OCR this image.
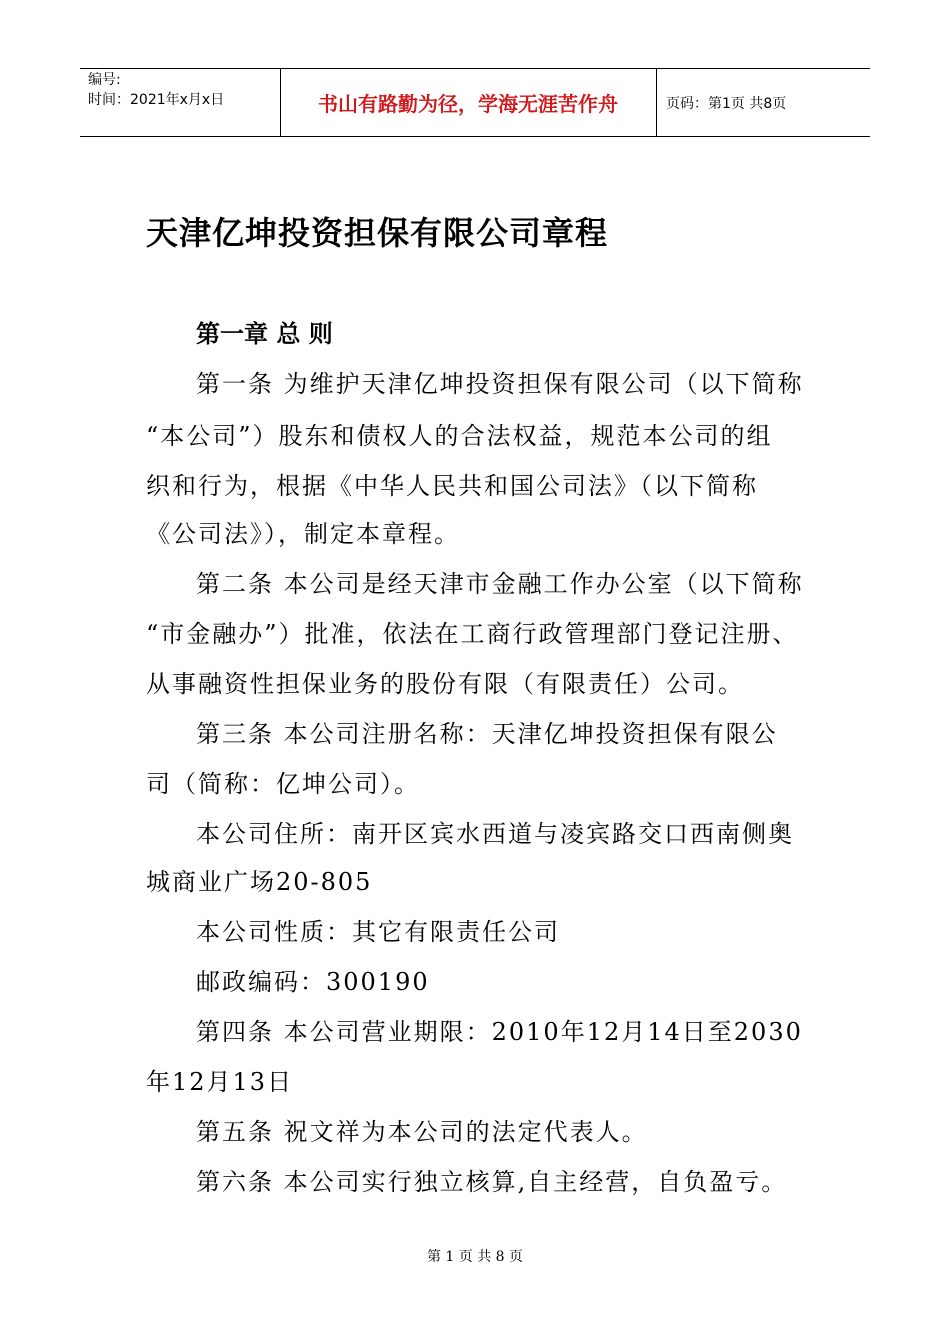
编号:
时间：2021年x月x日	书山有路勤为径，学海无涯苦作舟	页码：第1页 共8页
天津亿坤投资担保有限公司章程
第一章 总 则
第一条 为维护天津亿坤投资担保有限公司（以下简称
“本公司”）股东和债权人的合法权益，规范本公司的组
织和行为，根据《中华人民共和国公司法》（以下简称
《公司法》），制定本章程。
第二条 本公司是经天津市金融工作办公室（以下简称
“市金融办”）批准，依法在工商行政管理部门登记注册、
从事融资性担保业务的股份有限（有限责任）公司。
第三条 本公司注册名称：天津亿坤投资担保有限公
司（简称：亿坤公司）。
本公司住所：南开区宾水西道与凌宾路交口西南侧奥
城商业广场20-805
本公司性质：其它有限责任公司
邮政编码：300190
第四条 本公司营业期限：2010年12月14日至2030
年12月13日
第五条 祝文祥为本公司的法定代表人。
第六条 本公司实行独立核算,自主经营，自负盈亏。
第 1 页 共 8 页
